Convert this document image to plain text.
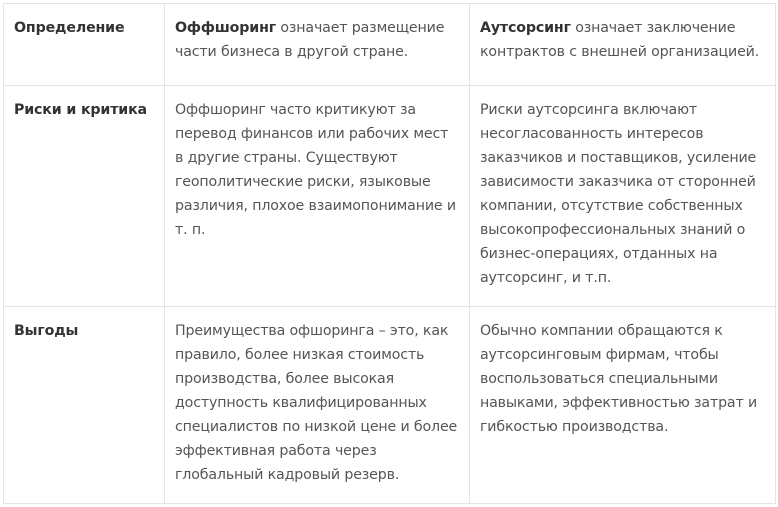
Определение	Оффшоринг означает размещение части бизнеса в другой стране.	Аутсорсинг означает заключение контрактов с внешней организацией.
Риски и критика	Оффшоринг часто критикуют за перевод финансов или рабочих мест в другие страны. Существуют геополитические риски, языковые различия, плохое взаимопонимание и т. п.	Риски аутсорсинга включают несогласованность интересов заказчиков и поставщиков, усиление зависимости заказчика от сторонней компании, отсутствие собственных высокопрофессиональных знаний о бизнес-операциях, отданных на аутсорсинг, и т.п.
Выгоды	Преимущества офшоринга – это, как правило, более низкая стоимость производства, более высокая доступность квалифицированных специалистов по низкой цене и более эффективная работа через глобальный кадровый резерв.	Обычно компании обращаются к аутсорсинговым фирмам, чтобы воспользоваться специальными навыками, эффективностью затрат и гибкостью производства.
